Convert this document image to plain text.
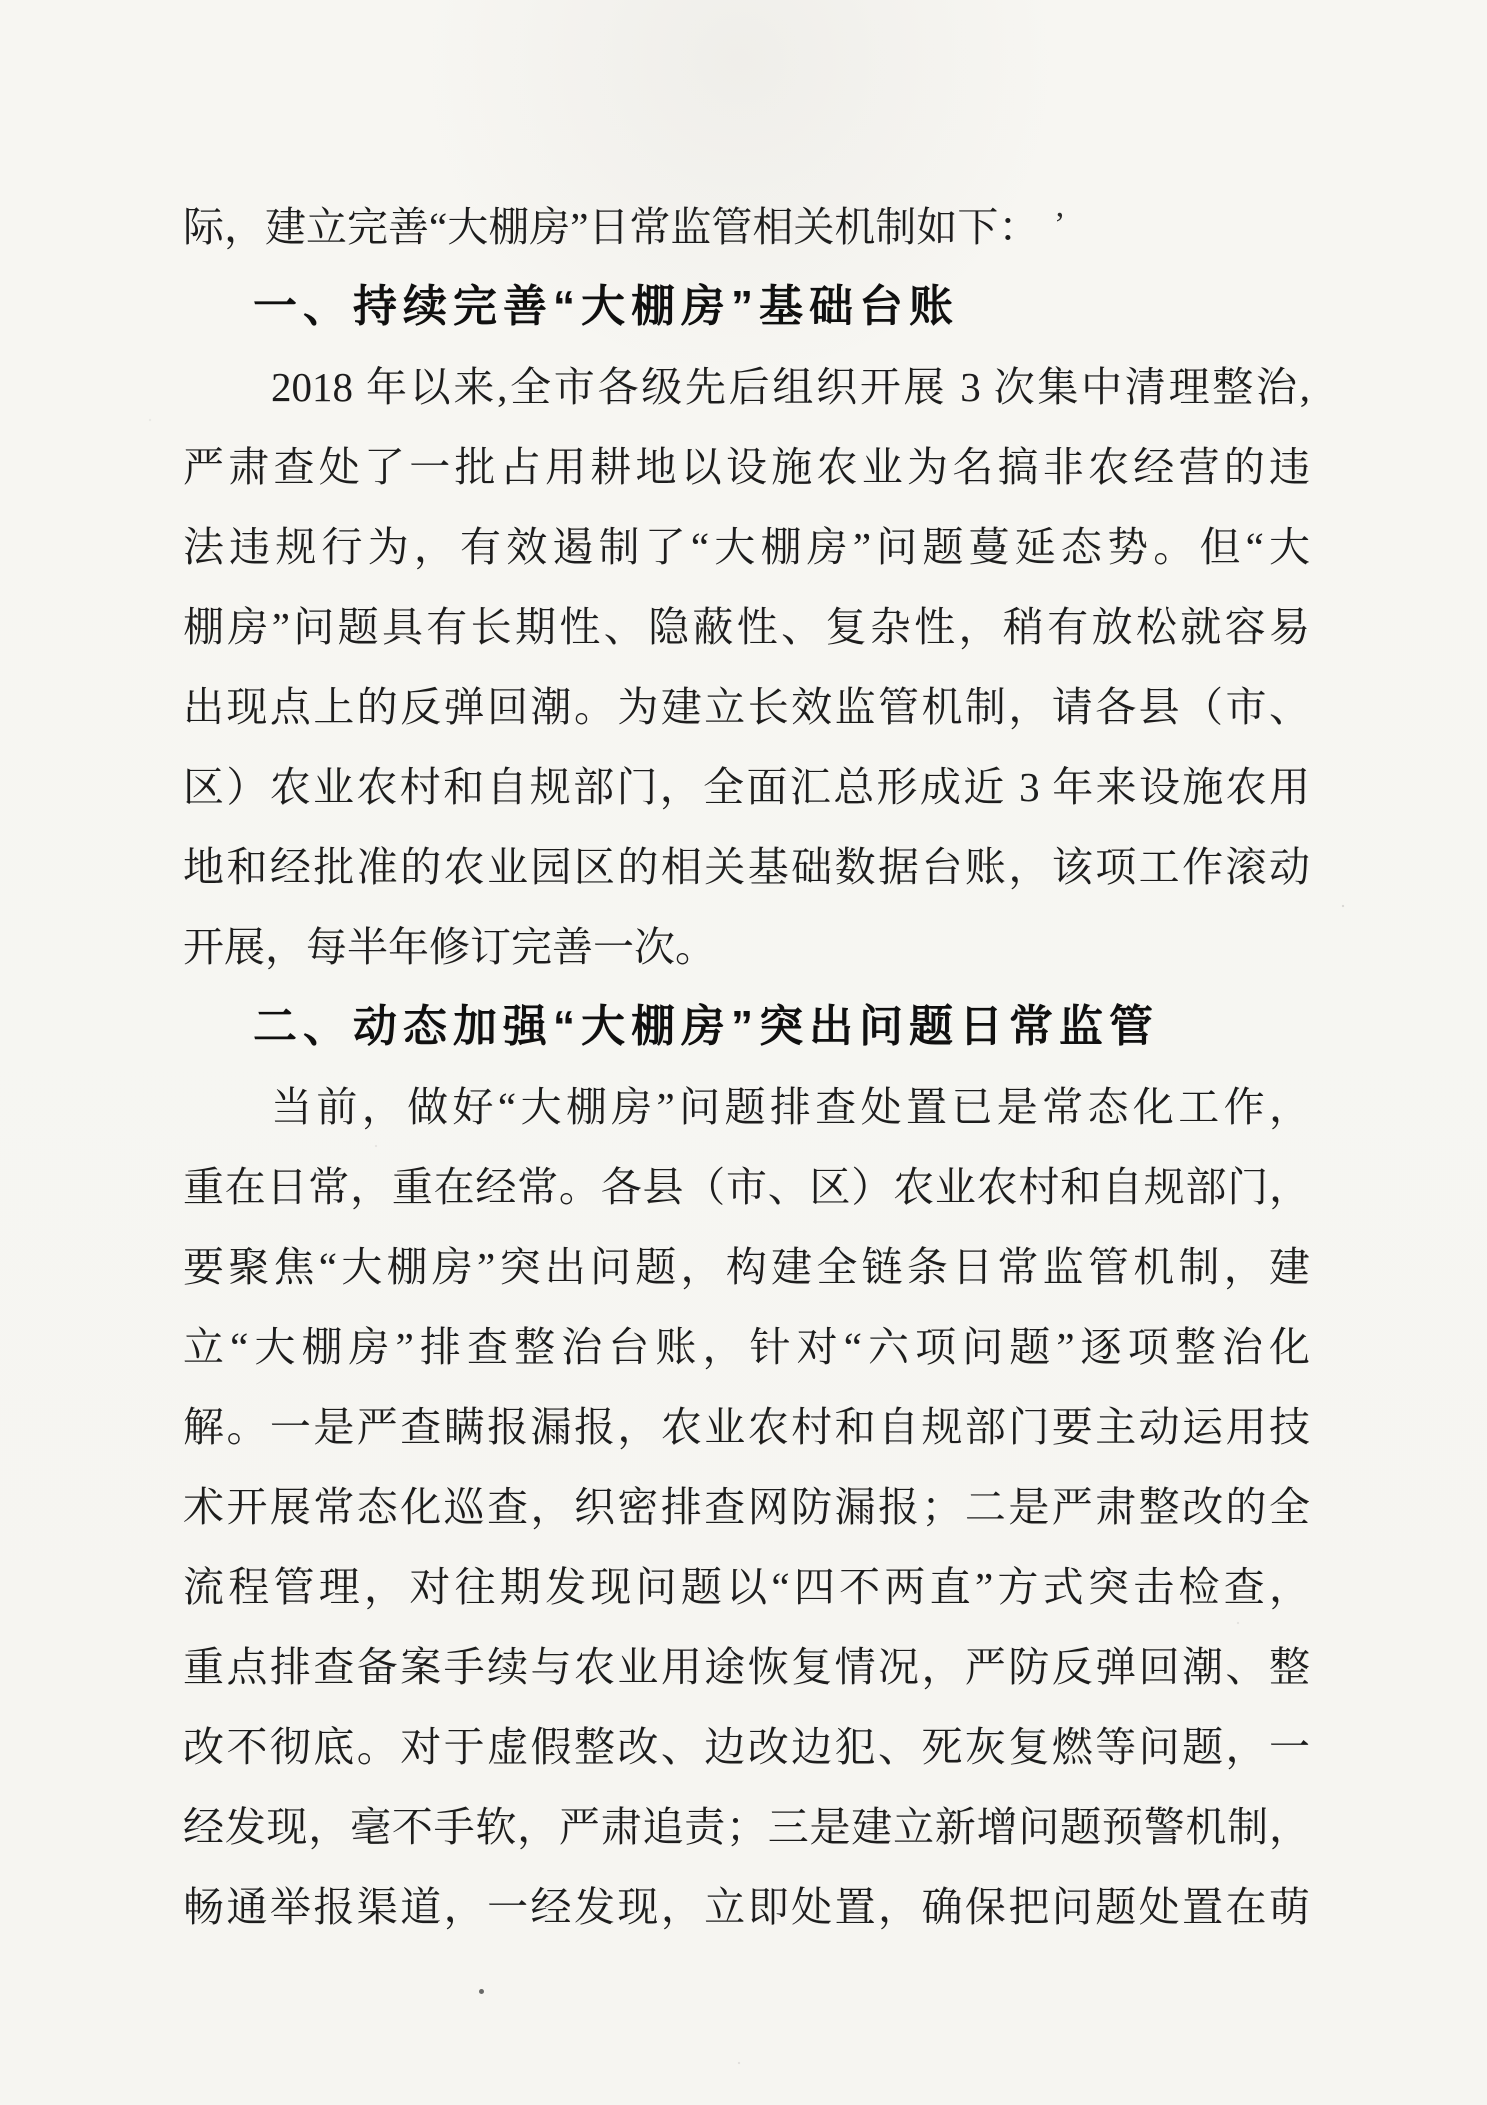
际，建立完善“大棚房”日常监管相关机制如下：
一、持续完善“大棚房”基础台账
2018 年以来,全市各级先后组织开展 3 次集中清理整治,
严肃查处了一批占用耕地以设施农业为名搞非农经营的违
法违规行为，有效遏制了“大棚房”问题蔓延态势。但“大
棚房”问题具有长期性、隐蔽性、复杂性，稍有放松就容易
出现点上的反弹回潮。为建立长效监管机制，请各县（市、
区）农业农村和自规部门，全面汇总形成近 3 年来设施农用
地和经批准的农业园区的相关基础数据台账，该项工作滚动
开展，每半年修订完善一次。
二、动态加强“大棚房”突出问题日常监管
当前，做好“大棚房”问题排查处置已是常态化工作，
重在日常，重在经常。各县（市、区）农业农村和自规部门，
要聚焦“大棚房”突出问题，构建全链条日常监管机制，建
立“大棚房”排查整治台账，针对“六项问题”逐项整治化
解。一是严查瞒报漏报，农业农村和自规部门要主动运用技
术开展常态化巡查，织密排查网防漏报；二是严肃整改的全
流程管理，对往期发现问题以“四不两直”方式突击检查，
重点排查备案手续与农业用途恢复情况，严防反弹回潮、整
改不彻底。对于虚假整改、边改边犯、死灰复燃等问题，一
经发现，毫不手软，严肃追责；三是建立新增问题预警机制，
畅通举报渠道，一经发现，立即处置，确保把问题处置在萌
’
